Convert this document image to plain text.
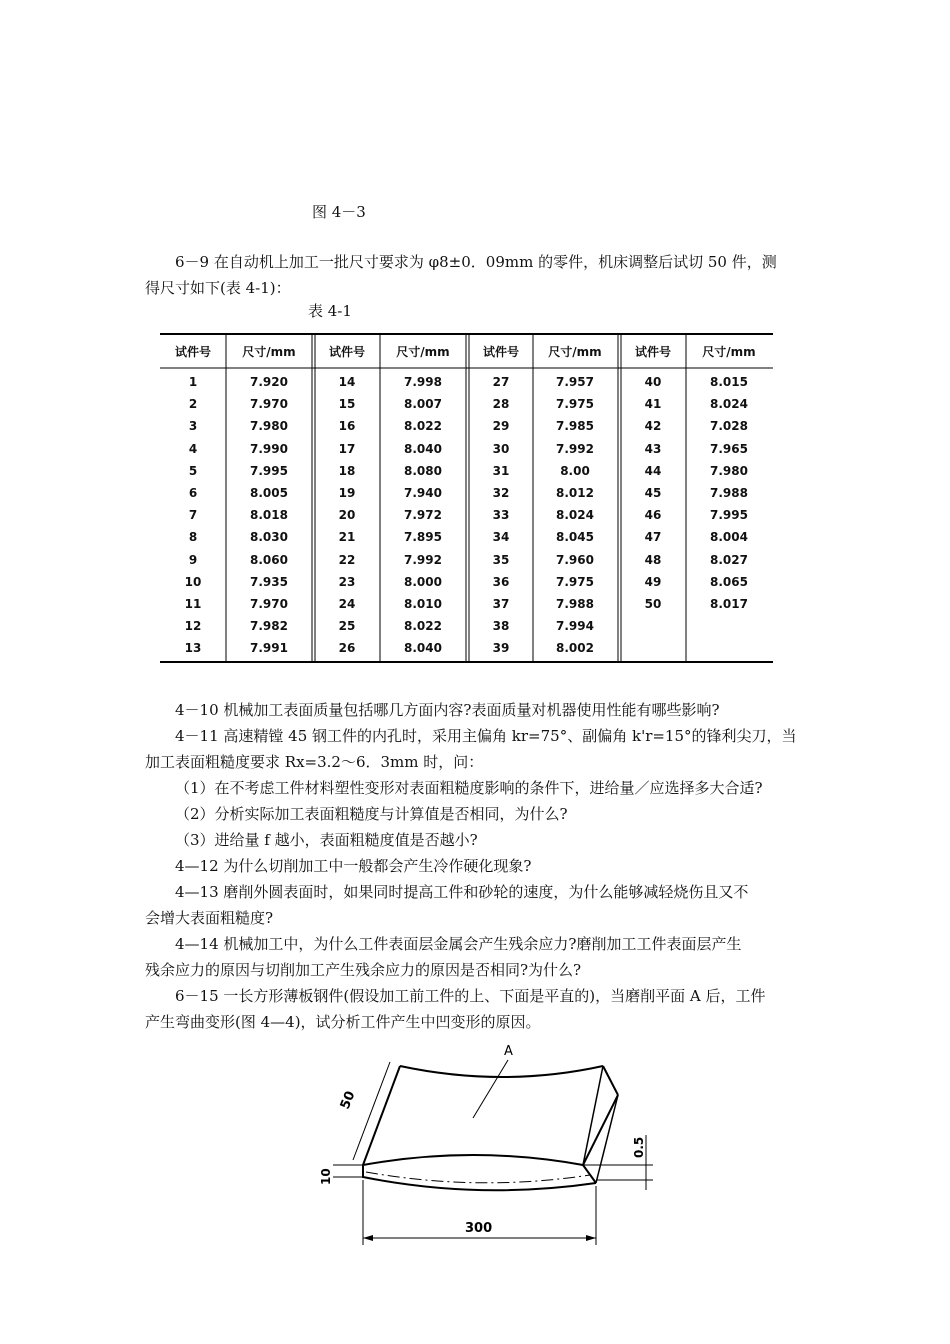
图 4－3
6－9 在自动机上加工一批尺寸要求为 φ8±0．09mm 的零件，机床调整后试切 50 件，测
得尺寸如下(表 4-1)：
表 4-1
试件号	尺寸/mm
1	7.920
2	7.970
3	7.980
4	7.990
5	7.995
6	8.005
7	8.018
8	8.030
9	8.060
10	7.935
11	7.970
12	7.982
13	7.991
试件号	尺寸/mm
14	7.998
15	8.007
16	8.022
17	8.040
18	8.080
19	7.940
20	7.972
21	7.895
22	7.992
23	8.000
24	8.010
25	8.022
26	8.040
试件号	尺寸/mm
27	7.957
28	7.975
29	7.985
30	7.992
31	8.00
32	8.012
33	8.024
34	8.045
35	7.960
36	7.975
37	7.988
38	7.994
39	8.002
试件号	尺寸/mm
40	8.015
41	8.024
42	7.028
43	7.965
44	7.980
45	7.988
46	7.995
47	8.004
48	8.027
49	8.065
50	8.017
4－10 机械加工表面质量包括哪几方面内容?表面质量对机器使用性能有哪些影响?
4－11 高速精镗 45 钢工件的内孔时，采用主偏角 kr=75°、副偏角 k'r=15°的锋利尖刀，当
加工表面粗糙度要求 Rx=3.2～6．3mm 时，问：
（1）在不考虑工件材料塑性变形对表面粗糙度影响的条件下，进给量／应选择多大合适?
（2）分析实际加工表面粗糙度与计算值是否相同，为什么?
（3）进给量 f 越小，表面粗糙度值是否越小?
4—12 为什么切削加工中一般都会产生冷作硬化现象?
4—13 磨削外圆表面时，如果同时提高工件和砂轮的速度，为什么能够减轻烧伤且又不
会增大表面粗糙度?
4—14 机械加工中，为什么工件表面层金属会产生残余应力?磨削加工工件表面层产生
残余应力的原因与切削加工产生残余应力的原因是否相同?为什么?
6－15 一长方形薄板钢件(假设加工前工件的上、下面是平直的)，当磨削平面 A 后，工件
产生弯曲变形(图 4—4)，试分析工件产生中凹变形的原因。
A
50
10
0.5
300
